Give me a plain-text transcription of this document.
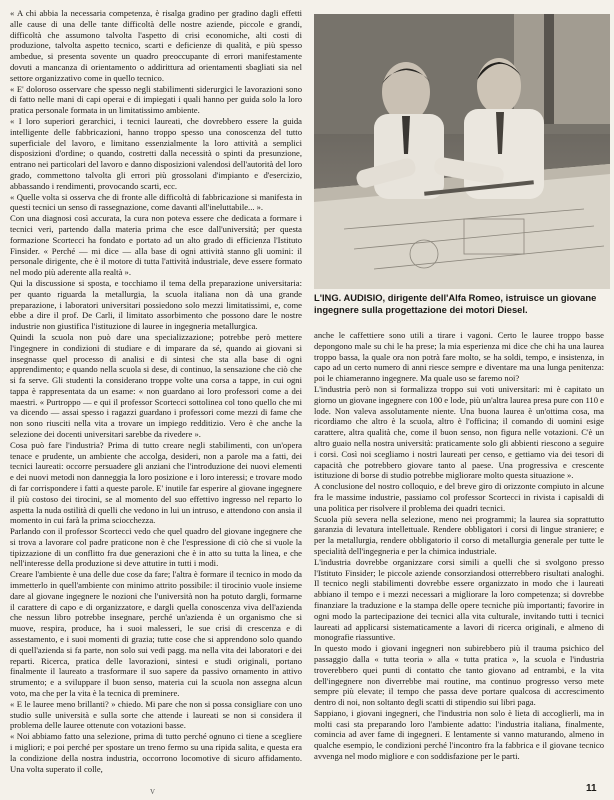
« A chi abbia la necessaria competenza, è risalga gradino per gradino dagli effetti alle cause di una delle tante difficoltà delle nostre aziende, piccole e grandi, difficoltà che assumono talvolta l'aspetto di crisi economiche, alti costi di produzione, talvolta aspetto tecnico, scarti e deficienze di qualità, e più spesso ambedue, si presenta sovente un quadro preoccupante di errori manifestamente dovuti a mancanza di orientamento o addirittura ad orientamenti sbagliati sia nel settore organizzativo come in quello tecnico.

« E' doloroso osservare che spesso negli stabilimenti siderurgici le lavorazioni sono di fatto nelle mani di capi operai e di impiegati i quali hanno per guida solo la loro pratica personale formata in un limitatissimo ambiente.

« I loro superiori gerarchici, i tecnici laureati, che dovrebbero essere la guida intelligente delle fabbricazioni, hanno troppo spesso una conoscenza del tutto superficiale del lavoro, e limitano essenzialmente la loro attività a semplici disposizioni d'ordine; o quando, costretti dalla necessità o spinti da presunzione, entrano nei particolari del lavoro e danno disposizioni valendosi dell'autorità del loro grado, commettono talvolta gli errori più grossolani d'impianto e d'esercizio, abbassando i rendimenti, provocando scarti, ecc.

« Quelle volta si osserva che di fronte alle difficoltà di fabbricazione si manifesta in questi tecnici un senso di rassegnazione, come davanti all'ineluttabile... ».

Con una diagnosi così accurata, la cura non poteva essere che dedicata a formare i tecnici veri, partendo dalla materia prima che esce dall'università; per questa formazione Scortecci ha fondato e portato ad un alto grado di efficienza l'Istituto Finsider. « Perché — mi dice — alla base di ogni attività stanno gli uomini: il personale dirigente, che è il motore di tutta l'attività industriale, deve essere formato nel modo più aderente alla realtà ».

Qui la discussione si sposta, e tocchiamo il tema della preparazione universitaria: per quanto riguarda la metallurgia, la scuola italiana non dà una grande preparazione, i laboratori universitari possiedono solo mezzi limitatissimi, e, come ebbe a dire il prof. De Carli, il limitato assorbimento che possono dare le nostre industrie non giustifica l'istituzione di lauree in ingegneria metallurgica.

Quindi la scuola non può dare una specializzazione; potrebbe però mettere l'ingegnere in condizioni di studiare e di imparare da sé, quando ai giovani si insegnasse quel processo di analisi e di sintesi che sta alla base di ogni apprendimento; e quando nella scuola si dese, di continuo, la sensazione che ciò che si fa serve. Gli studenti la considerano troppe volte una corsa a tappe, in cui ogni tappa è rappresentata da un esame: « non guardano ai loro professori come a dei maestri. « Purtroppo — e qui il professor Scortecci sottolinea col tono quello che mi va dicendo — assai spesso i ragazzi guardano i professori come mezzi di fame che non sono riusciti nella vita a trovare un impiego redditizio. Vero è che anche la selezione dei docenti universitari sarebbe da rivedere ».

Cosa può fare l'industria? Prima di tutto creare negli stabilimenti, con un'opera tenace e prudente, un ambiente che accolga, desideri, non a parole ma a fatti, dei tecnici laureati: occorre persuadere gli anziani che l'introduzione dei nuovi elementi e dei nuovi metodi non danneggia la loro posizione e i loro interessi; e trovare modo di far corrispondere i fatti a queste parole. E' inutile far esperire al giovane ingegnere il più costoso dei tirocini, se al momento del suo effettivo ingresso nel reparto lo aspetta la nuda ostilità di quelli che vedono in lui un intruso, e attendono con ansia il momento in cui farà la prima sciocchezza.

L'ING. AUDISIO, dirigente dell'Alfa Romeo, istruisce un giovane ingegnere sulla progettazione dei motori Diesel.

Parlando con il professor Scortecci vedo che quel quadro del giovane ingegnere che si trova a lavorare col padre praticone non è che l'espressione di ciò che si vuole la tipizzazione di un conflitto fra due generazioni che è in atto su tutta la linea, e che nell'interesse della produzione si deve attutire in tutti i modi.

Creare l'ambiente è una delle due cose da fare; l'altra è formare il tecnico in modo da immetterlo in quell'ambiente con minimo attrito possibile: il tirocinio vuole insieme dare al giovane ingegnere le nozioni che l'università non ha potuto dargli, formarne il carattere di capo e di organizzatore, e dargli quella conoscenza viva dell'azienda che nessun libro potrebbe insegnare, perché un'azienda è un organismo che si muove, respira, produce, ha i suoi malesseri, le sue crisi di crescenza e di assestamento, e i suoi momenti di grazia; tutte cose che si apprendono solo quando di quell'azienda si fa parte, non solo sui vedi pagg. ma nella vita dei laboratori e dei reparti. Ricerca, pratica delle lavorazioni, sintesi e studi originali, portano finalmente il laureato a trasformare il suo sapere da passivo ornamento in attivo strumento; e a sviluppare il buon senso, materia cui la scuola non assegna alcun voto, ma che per la vita è la tecnica di preminere.

« E le lauree meno brillanti? » chiedo. Mi pare che non si possa consigliare con uno studio sulle università e sulla sorte che attende i laureati se non si considera il problema delle lauree ottenute con votazioni basse.

« Noi abbiamo fatto una selezione, prima di tutto perché ognuno ci tiene a scegliere i migliori; e poi perché per spostare un treno fermo su una ripida salita, e questa era la condizione della nostra industria, occorrono locomotive di sicuro affidamento. Una volta superato il colle,

anche le caffettiere sono utili a tirare i vagoni. Certo le lauree troppo basse depongono male su chi le ha prese; la mia esperienza mi dice che chi ha una laurea troppo bassa, la quale ora non potrà fare molto, se ha soldi, tempo, e insistenza, in capo ad un certo numero di anni riesce sempre e diventare ma una lunga penitenza: poi le chiameranno ingegnere. Ma quale uso se faremo noi?

L'industria però non si formalizza troppo sui voti universitari: mi è capitato un giorno un giovane ingegnere con 100 e lode, più un'altra laurea presa pure con 110 e lode. Non valeva assolutamente niente. Una buona laurea è un'ottima cosa, ma ricordiamo che altro è la scuola, altro è l'officina; il comando di uomini esige carattere, altra qualità che, come il buon senso, non figura nelle votazioni. C'è un altro guaio nella nostra università: praticamente solo gli abbienti riescono a seguire i corsi. Così noi scegliamo i nostri laureati per censo, e gettiamo via dei tesori di capacità che potrebbero giovare tanto al paese. Una progressiva e crescente istituzione di borse di studio potrebbe migliorare molto questa situazione ».

A conclusione del nostro colloquio, e del breve giro di orizzonte compiuto in alcune fra le massime industrie, passiamo col professor Scortecci in rivista i capisaldi di una politica per risolvere il problema dei quadri tecnici.

Scuola più severa nella selezione, meno nei programmi; la laurea sia soprattutto garanzia di levatura intellettuale. Rendere obbligatori i corsi di lingue straniere; e per la metallurgia, rendere obbligatorio il corso di metallurgia generale per tutte le specialità dell'ingegneria e per la chimica industriale.

L'industria dovrebbe organizzare corsi simili a quelli che si svolgono presso l'Istituto Finsider; le piccole aziende consorziandosi otterrebbero risultati analoghi. Il tecnico negli stabilimenti dovrebbe essere organizzato in modo che i laureati abbiano il tempo e i mezzi necessari a migliorare la loro competenza; si dovrebbe finanziare la traduzione e la stampa delle opere tecniche più importanti; favorire in ogni modo la partecipazione dei tecnici alla vita culturale, invitando tutti i tecnici laureati ad applicarsi sistematicamente a lavori di ricerca originali, e almeno di monografie riassuntive.

In questo modo i giovani ingegneri non subirebbero più il trauma psichico del passaggio dalla « tutta teoria » alla « tutta pratica », la scuola e l'industria troverebbero quei punti di contatto che tanto giovano ad entrambi, e la vita dell'ingegnere non diverrebbe mai routine, ma continuo progresso verso mete sempre più elevate; il tempo che passa deve portare qualcosa di accrescimento dentro di noi, non soltanto degli scatti di stipendio sui libri paga.

Sappiano, i giovani ingegneri, che l'industria non solo è lieta di accoglierli, ma in molti casi sta preparando loro l'ambiente adatto: l'industria italiana, finalmente, comincia ad aver fame di ingegneri. E lentamente si vanno maturando, almeno in qualche esempio, le condizioni perché l'incontro fra la fabbrica e il giovane tecnico avvenga nel modo migliore e con soddisfazione per le parti.

V	11
